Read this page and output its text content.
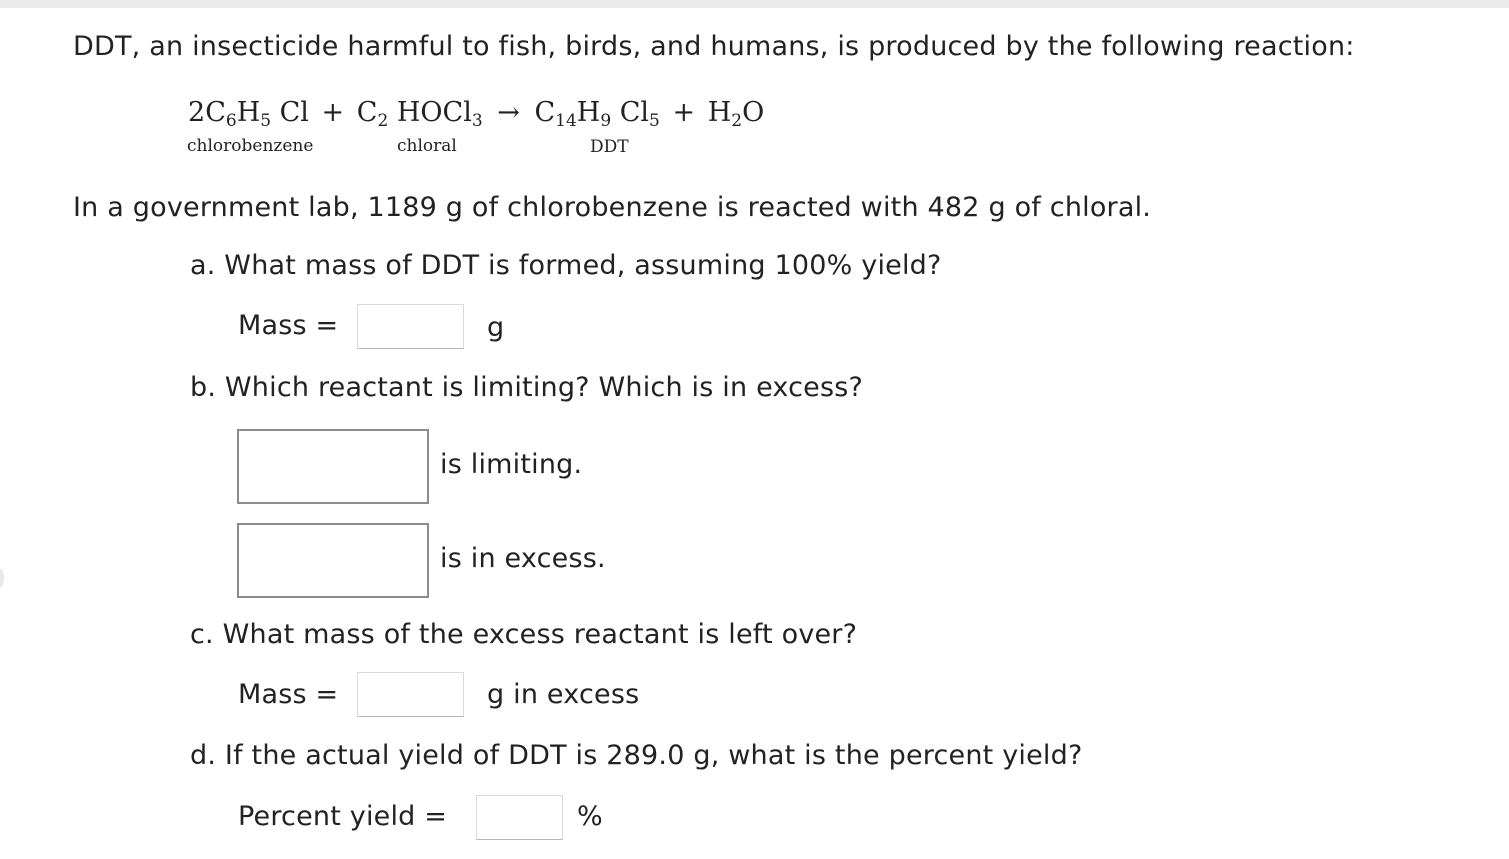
DDT, an insecticide harmful to fish, birds, and humans, is produced by the following reaction:
$2C_6H_5$ $Cl + C_2$ HOCl$_3$ → $C_{14}H_9$ $Cl_5 + H_2O$
chlorobenzene	chloral	DDT
In a government lab, 1189 g of chlorobenzene is reacted with 482 g of chloral.
a. What mass of DDT is formed, assuming 100% yield?
Mass =	g
b. Which reactant is limiting? Which is in excess?
is limiting.
is in excess.
c. What mass of the excess reactant is left over?
Mass =	g in excess
d. If the actual yield of DDT is 289.0 g, what is the percent yield?
Percent yield =	%
